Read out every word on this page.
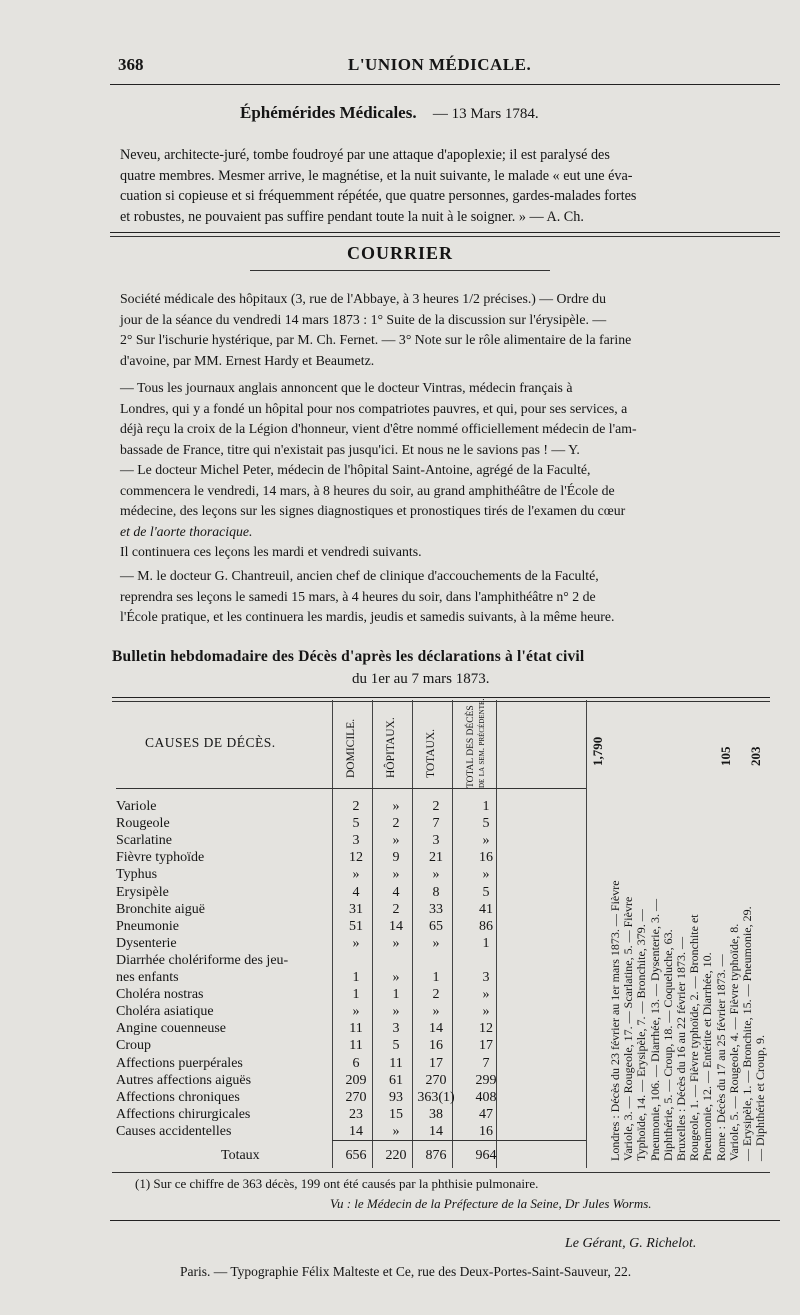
368	L'UNION MÉDICALE.
Éphémérides Médicales. — 13 Mars 1784.
Neveu, architecte-juré, tombe foudroyé par une attaque d'apoplexie; il est paralysé des
quatre membres. Mesmer arrive, le magnétise, et la nuit suivante, le malade « eut une éva-
cuation si copieuse et si fréquemment répétée, que quatre personnes, gardes-malades fortes
et robustes, ne pouvaient pas suffire pendant toute la nuit à le soigner. » — A. Ch.
COURRIER
Société médicale des hôpitaux (3, rue de l'Abbaye, à 3 heures 1/2 précises.) — Ordre du
jour de la séance du vendredi 14 mars 1873 : 1° Suite de la discussion sur l'érysipèle. —
2° Sur l'ischurie hystérique, par M. Ch. Fernet. — 3° Note sur le rôle alimentaire de la farine
d'avoine, par MM. Ernest Hardy et Beaumetz.
— Tous les journaux anglais annoncent que le docteur Vintras, médecin français à
Londres, qui y a fondé un hôpital pour nos compatriotes pauvres, et qui, pour ses services, a
déjà reçu la croix de la Légion d'honneur, vient d'être nommé officiellement médecin de l'am-
bassade de France, titre qui n'existait pas jusqu'ici. Et nous ne le savions pas ! — Y.
— Le docteur Michel Peter, médecin de l'hôpital Saint-Antoine, agrégé de la Faculté,
commencera le vendredi, 14 mars, à 8 heures du soir, au grand amphithéâtre de l'École de
médecine, des leçons sur les signes diagnostiques et pronostiques tirés de l'examen du cœur
et de l'aorte thoracique.
Il continuera ces leçons les mardi et vendredi suivants.
— M. le docteur G. Chantreuil, ancien chef de clinique d'accouchements de la Faculté,
reprendra ses leçons le samedi 15 mars, à 4 heures du soir, dans l'amphithéâtre n° 2 de
l'École pratique, et les continuera les mardis, jeudis et samedis suivants, à la même heure.
Bulletin hebdomadaire des Décès d'après les déclarations à l'état civil
du 1er au 7 mars 1873.
CAUSES DE DÉCÈS.	DOMICILE. HÔPITAUX. TOTAUX.	TOTAL DES DÉCÈS de la sem. précédente.
Variole	2	»	2	1
Rougeole	5	2	7	5
Scarlatine	3	»	3	»
Fièvre typhoïde	12	9	21	16
Typhus	»	»	»	»
Erysipèle	4	4	8	5
Bronchite aiguë	31	2	33	41
Pneumonie	51	14	65	86
Dysenterie	»	»	»	1
Diarrhée cholériforme des jeu-
nes enfants	1	»	1	3
Choléra nostras	1	1	2	»
Choléra asiatique	»	»	»	»
Angine couenneuse	11	3	14	12
Croup	11	5	16	17
Affections puerpérales	6	11	17	7
Autres affections aiguës	209	61	270	299
Affections chroniques	270	93	363(1)	408
Affections chirurgicales	23	15	38	47
Causes accidentelles	14	»	14	16
Totaux	656	220	876	964
1,790	105 203
Londres : Décès du 23 février au 1er mars 1873. — Fièvre Variole, 3. — Rougeole, 17. — Scarlatine, 5. — Fièvre Typhoïde, 14. — Erysipèle, 7. — Bronchite, 379. — Pneumonie, 106. — Diarrhée, 13. — Dysenterie, 3. — Diphthérie, 5. — Croup, 18. — Coqueluche, 63. Bruxelles : Décès du 16 au 22 février 1873. — Rougeole, 1. — Fièvre typhoïde, 2. — Bronchite et Pneumonie, 12. — Entérite et Diarrhée, 10. Rome : Décès du 17 au 25 février 1873. — Variole, 5. — Rougeole, 4. — Fièvre typhoïde, 8. — Erysipèle, 1. — Bronchite, 15. — Pneumonie, 29. — Diphthérie et Croup, 9.
(1) Sur ce chiffre de 363 décès, 199 ont été causés par la phthisie pulmonaire.
Vu : le Médecin de la Préfecture de la Seine, Dr Jules Worms.
Le Gérant, G. Richelot.
Paris. — Typographie Félix Malteste et Ce, rue des Deux-Portes-Saint-Sauveur, 22.
